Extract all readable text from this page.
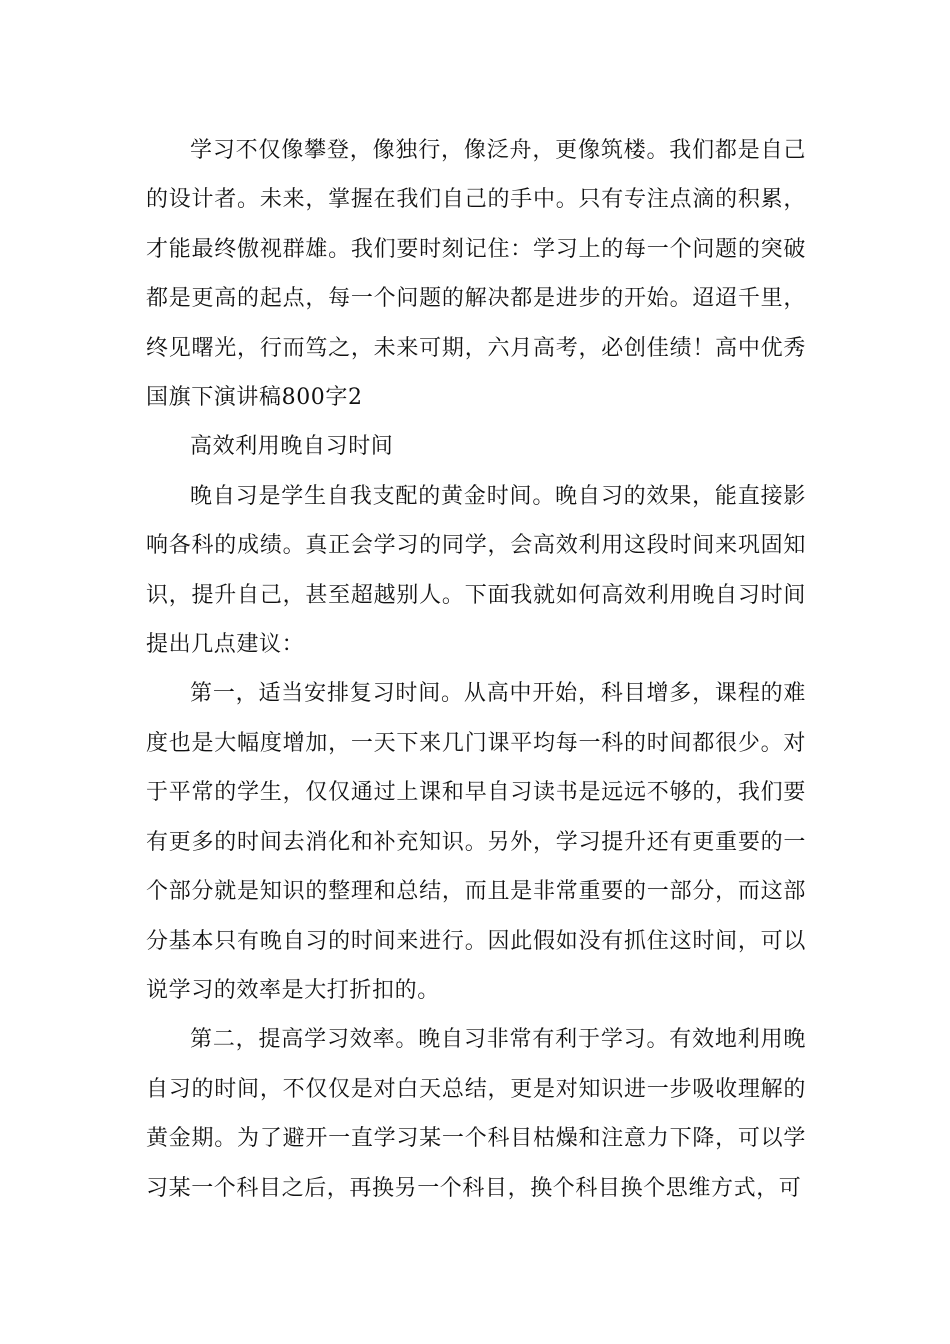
学习不仅像攀登，像独行，像泛舟，更像筑楼。我们都是自己的设计者。未来，掌握在我们自己的手中。只有专注点滴的积累，才能最终傲视群雄。我们要时刻记住：学习上的每一个问题的突破都是更高的起点，每一个问题的解决都是进步的开始。迢迢千里，终见曙光，行而笃之，未来可期，六月高考，必创佳绩！高中优秀国旗下演讲稿800字2

高效利用晚自习时间

晚自习是学生自我支配的黄金时间。晚自习的效果，能直接影响各科的成绩。真正会学习的同学，会高效利用这段时间来巩固知识，提升自己，甚至超越别人。下面我就如何高效利用晚自习时间提出几点建议：

第一，适当安排复习时间。从高中开始，科目增多，课程的难度也是大幅度增加，一天下来几门课平均每一科的时间都很少。对于平常的学生，仅仅通过上课和早自习读书是远远不够的，我们要有更多的时间去消化和补充知识。另外，学习提升还有更重要的一个部分就是知识的整理和总结，而且是非常重要的一部分，而这部分基本只有晚自习的时间来进行。因此假如没有抓住这时间，可以说学习的效率是大打折扣的。

第二，提高学习效率。晚自习非常有利于学习。有效地利用晚自习的时间，不仅仅是对白天总结，更是对知识进一步吸收理解的黄金期。为了避开一直学习某一个科目枯燥和注意力下降，可以学习某一个科目之后，再换另一个科目，换个科目换个思维方式，可
